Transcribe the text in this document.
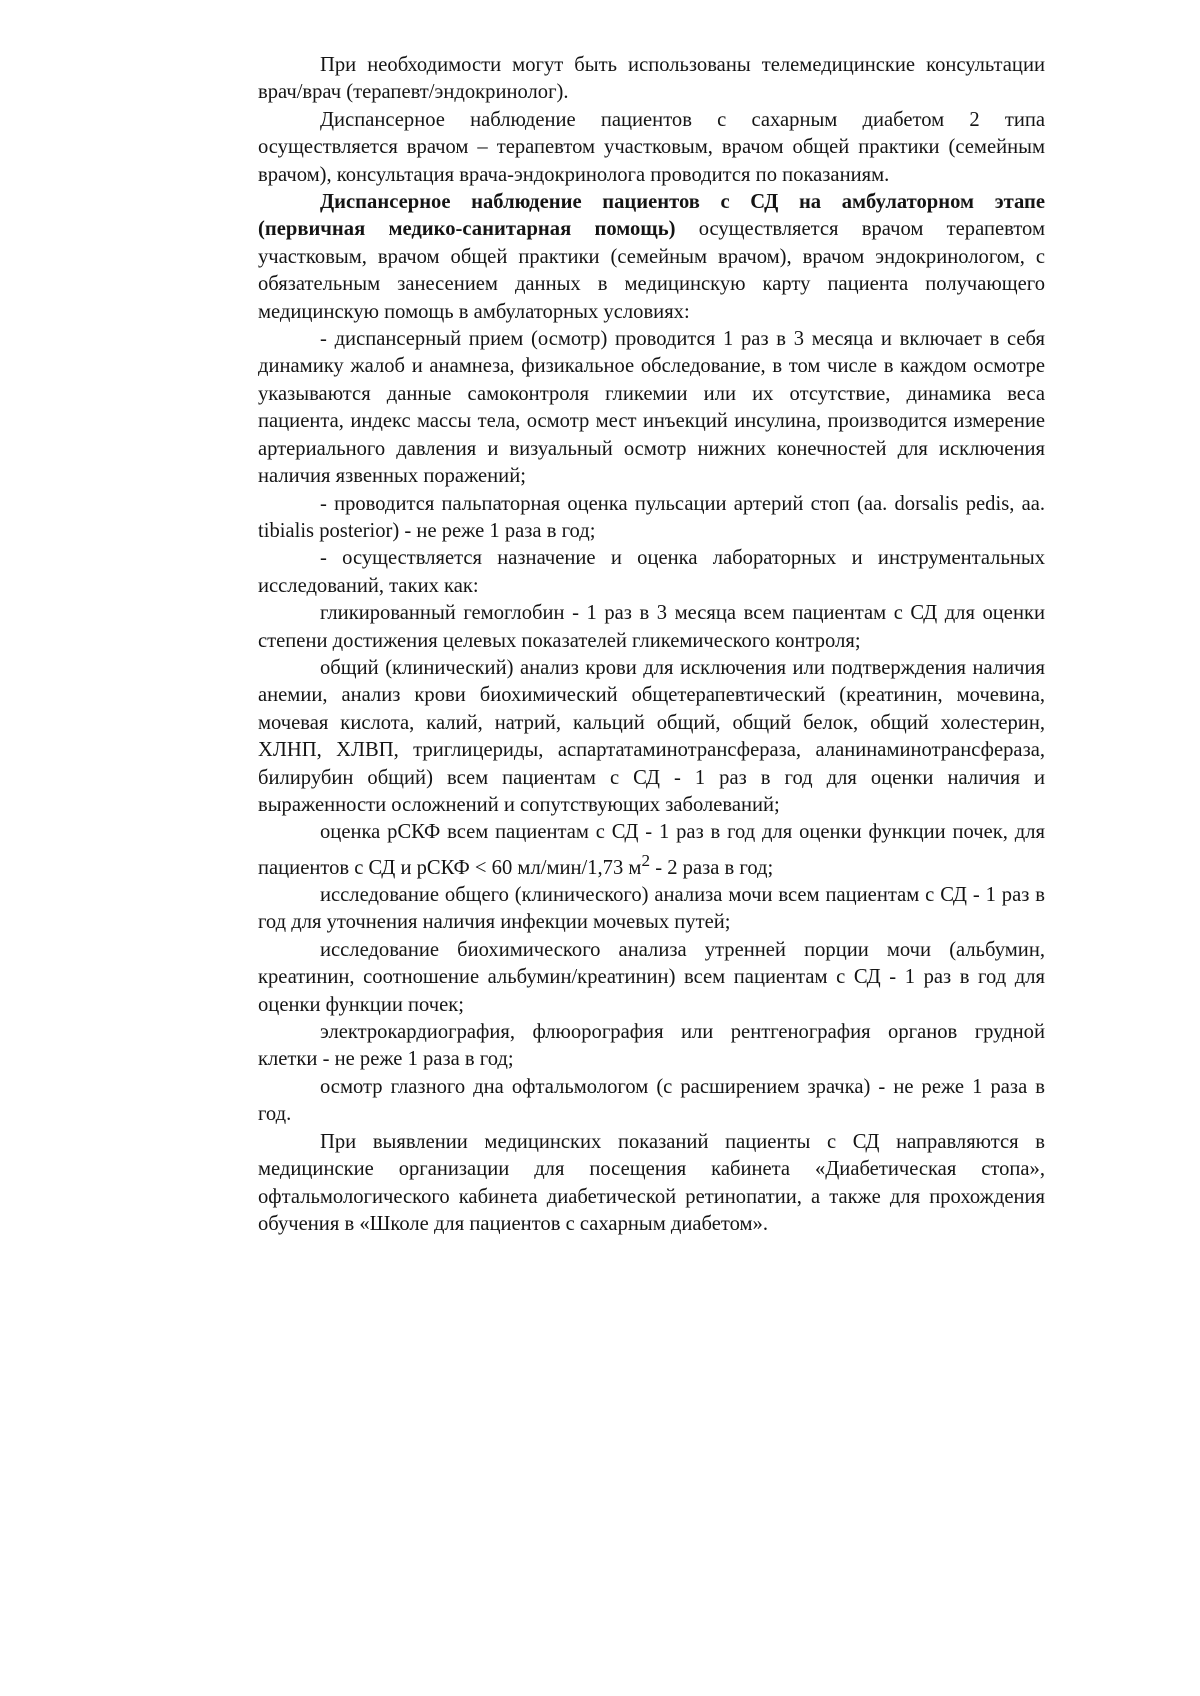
При необходимости могут быть использованы телемедицинские консультации врач/врач (терапевт/эндокринолог).

Диспансерное наблюдение пациентов с сахарным диабетом 2 типа осуществляется врачом – терапевтом участковым, врачом общей практики (семейным врачом), консультация врача-эндокринолога проводится по показаниям.

Диспансерное наблюдение пациентов с СД на амбулаторном этапе (первичная медико-санитарная помощь) осуществляется врачом терапевтом участковым, врачом общей практики (семейным врачом), врачом эндокринологом, с обязательным занесением данных в медицинскую карту пациента получающего медицинскую помощь в амбулаторных условиях:

- диспансерный прием (осмотр) проводится 1 раз в 3 месяца и включает в себя динамику жалоб и анамнеза, физикальное обследование, в том числе в каждом осмотре указываются данные самоконтроля гликемии или их отсутствие, динамика веса пациента, индекс массы тела, осмотр мест инъекций инсулина, производится измерение артериального давления и визуальный осмотр нижних конечностей для исключения наличия язвенных поражений;

- проводится пальпаторная оценка пульсации артерий стоп (aa. dorsalis pedis, aa. tibialis posterior) - не реже 1 раза в год;

- осуществляется назначение и оценка лабораторных и инструментальных исследований, таких как:

гликированный гемоглобин - 1 раз в 3 месяца всем пациентам с СД для оценки степени достижения целевых показателей гликемического контроля;

общий (клинический) анализ крови для исключения или подтверждения наличия анемии, анализ крови биохимический общетерапевтический (креатинин, мочевина, мочевая кислота, калий, натрий, кальций общий, общий белок, общий холестерин, ХЛНП, ХЛВП, триглицериды, аспартатаминотрансфераза, аланинаминотрансфераза, билирубин общий) всем пациентам с СД - 1 раз в год для оценки наличия и выраженности осложнений и сопутствующих заболеваний;

оценка рСКФ всем пациентам с СД - 1 раз в год для оценки функции почек, для пациентов с СД и рСКФ < 60 мл/мин/1,73 $м^2 - 2$ раза в год;

исследование общего (клинического) анализа мочи всем пациентам с СД - 1 раз в год для уточнения наличия инфекции мочевых путей;

исследование биохимического анализа утренней порции мочи (альбумин, креатинин, соотношение альбумин/креатинин) всем пациентам с СД - 1 раз в год для оценки функции почек;

электрокардиография, флюорография или рентгенография органов грудной клетки - не реже 1 раза в год;

осмотр глазного дна офтальмологом (с расширением зрачка) - не реже 1 раза в год.

При выявлении медицинских показаний пациенты с СД направляются в медицинские организации для посещения кабинета «Диабетическая стопа», офтальмологического кабинета диабетической ретинопатии, а также для прохождения обучения в «Школе для пациентов с сахарным диабетом».
